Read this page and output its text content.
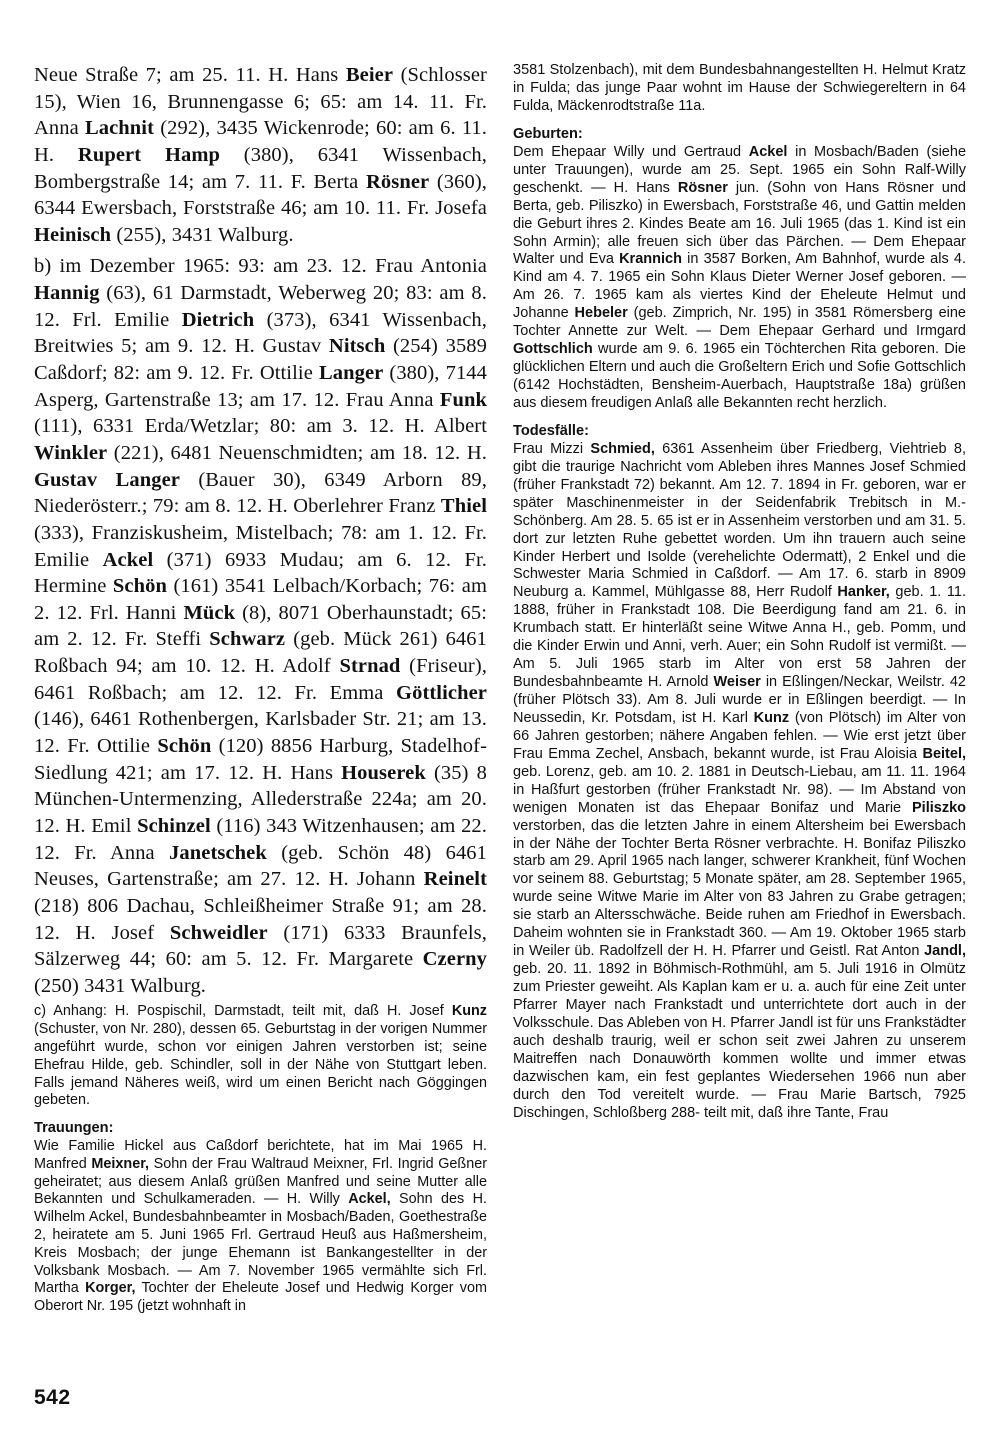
Neue Straße 7; am 25. 11. H. Hans Beier (Schlosser 15), Wien 16, Brunnengasse 6; 65: am 14. 11. Fr. Anna Lachnit (292), 3435 Wickenrode; 60: am 6. 11. H. Rupert Hamp (380), 6341 Wissenbach, Bombergstraße 14; am 7. 11. F. Berta Rösner (360), 6344 Ewersbach, Forststraße 46; am 10. 11. Fr. Josefa Heinisch (255), 3431 Walburg.

b) im Dezember 1965: 93: am 23. 12. Frau Antonia Hannig (63), 61 Darmstadt, Weberweg 20; 83: am 8. 12. Frl. Emilie Dietrich (373), 6341 Wissenbach, Breitwies 5; am 9. 12. H. Gustav Nitsch (254) 3589 Caßdorf; 82: am 9. 12. Fr. Ottilie Langer (380), 7144 Asperg, Gartenstraße 13; am 17. 12. Frau Anna Funk (111), 6331 Erda/Wetzlar; 80: am 3. 12. H. Albert Winkler (221), 6481 Neuenschmidten; am 18. 12. H. Gustav Langer (Bauer 30), 6349 Arborn 89, Niederösterr.; 79: am 8. 12. H. Oberlehrer Franz Thiel (333), Franziskusheim, Mistelbach; 78: am 1. 12. Fr. Emilie Ackel (371) 6933 Mudau; am 6. 12. Fr. Hermine Schön (161) 3541 Lelbach/Korbach; 76: am 2. 12. Frl. Hanni Mück (8), 8071 Oberhaunstadt; 65: am 2. 12. Fr. Steffi Schwarz (geb. Mück 261) 6461 Roßbach 94; am 10. 12. H. Adolf Strnad (Friseur), 6461 Roßbach; am 12. 12. Fr. Emma Göttlicher (146), 6461 Rothenbergen, Karlsbader Str. 21; am 13. 12. Fr. Ottilie Schön (120) 8856 Harburg, Stadelhof-Siedlung 421; am 17. 12. H. Hans Houserek (35) 8 München-Untermenzing, Allederstraße 224a; am 20. 12. H. Emil Schinzel (116) 343 Witzenhausen; am 22. 12. Fr. Anna Janetschek (geb. Schön 48) 6461 Neuses, Gartenstraße; am 27. 12. H. Johann Reinelt (218) 806 Dachau, Schleißheimer Straße 91; am 28. 12. H. Josef Schweidler (171) 6333 Braunfels, Sälzerweg 44; 60: am 5. 12. Fr. Margarete Czerny (250) 3431 Walburg.

c) Anhang: H. Pospischil, Darmstadt, teilt mit, daß H. Josef Kunz (Schuster, von Nr. 280), dessen 65. Geburtstag in der vorigen Nummer angeführt wurde, schon vor einigen Jahren verstorben ist; seine Ehefrau Hilde, geb. Schindler, soll in der Nähe von Stuttgart leben. Falls jemand Näheres weiß, wird um einen Bericht nach Göggingen gebeten.

Trauungen:

Wie Familie Hickel aus Caßdorf berichtete, hat im Mai 1965 H. Manfred Meixner, Sohn der Frau Waltraud Meixner, Frl. Ingrid Geßner geheiratet; aus diesem Anlaß grüßen Manfred und seine Mutter alle Bekannten und Schulkameraden. — H. Willy Ackel, Sohn des H. Wilhelm Ackel, Bundesbahnbeamter in Mosbach/Baden, Goethestraße 2, heiratete am 5. Juni 1965 Frl. Gertraud Heuß aus Haßmersheim, Kreis Mosbach; der junge Ehemann ist Bankangestellter in der Volksbank Mosbach. — Am 7. November 1965 vermählte sich Frl. Martha Korger, Tochter der Eheleute Josef und Hedwig Korger vom Oberort Nr. 195 (jetzt wohnhaft in

3581 Stolzenbach), mit dem Bundesbahnangestellten H. Helmut Kratz in Fulda; das junge Paar wohnt im Hause der Schwiegereltern in 64 Fulda, Mäckenrodtstraße 11a.

Geburten:

Dem Ehepaar Willy und Gertraud Ackel in Mosbach/Baden (siehe unter Trauungen), wurde am 25. Sept. 1965 ein Sohn Ralf-Willy geschenkt. — H. Hans Rösner jun. (Sohn von Hans Rösner und Berta, geb. Piliszko) in Ewersbach, Forststraße 46, und Gattin melden die Geburt ihres 2. Kindes Beate am 16. Juli 1965 (das 1. Kind ist ein Sohn Armin); alle freuen sich über das Pärchen. — Dem Ehepaar Walter und Eva Krannich in 3587 Borken, Am Bahnhof, wurde als 4. Kind am 4. 7. 1965 ein Sohn Klaus Dieter Werner Josef geboren. — Am 26. 7. 1965 kam als viertes Kind der Eheleute Helmut und Johanne Hebeler (geb. Zimprich, Nr. 195) in 3581 Römersberg eine Tochter Annette zur Welt. — Dem Ehepaar Gerhard und Irmgard Gottschlich wurde am 9. 6. 1965 ein Töchterchen Rita geboren. Die glücklichen Eltern und auch die Großeltern Erich und Sofie Gottschlich (6142 Hochstädten, Bensheim-Auerbach, Hauptstraße 18a) grüßen aus diesem freudigen Anlaß alle Bekannten recht herzlich.

Todesfälle:

Frau Mizzi Schmied, 6361 Assenheim über Friedberg, Viehtrieb 8, gibt die traurige Nachricht vom Ableben ihres Mannes Josef Schmied (früher Frankstadt 72) bekannt. Am 12. 7. 1894 in Fr. geboren, war er später Maschinenmeister in der Seidenfabrik Trebitsch in M.-Schönberg. Am 28. 5. 65 ist er in Assenheim verstorben und am 31. 5. dort zur letzten Ruhe gebettet worden. Um ihn trauern auch seine Kinder Herbert und Isolde (verehelichte Odermatt), 2 Enkel und die Schwester Maria Schmied in Caßdorf. — Am 17. 6. starb in 8909 Neuburg a. Kammel, Mühlgasse 88, Herr Rudolf Hanker, geb. 1. 11. 1888, früher in Frankstadt 108. Die Beerdigung fand am 21. 6. in Krumbach statt. Er hinterläßt seine Witwe Anna H., geb. Pomm, und die Kinder Erwin und Anni, verh. Auer; ein Sohn Rudolf ist vermißt. — Am 5. Juli 1965 starb im Alter von erst 58 Jahren der Bundesbahnbeamte H. Arnold Weiser in Eßlingen/Neckar, Weilstr. 42 (früher Plötsch 33). Am 8. Juli wurde er in Eßlingen beerdigt. — In Neussedin, Kr. Potsdam, ist H. Karl Kunz (von Plötsch) im Alter von 66 Jahren gestorben; nähere Angaben fehlen. — Wie erst jetzt über Frau Emma Zechel, Ansbach, bekannt wurde, ist Frau Aloisia Beitel, geb. Lorenz, geb. am 10. 2. 1881 in Deutsch-Liebau, am 11. 11. 1964 in Haßfurt gestorben (früher Frankstadt Nr. 98). — Im Abstand von wenigen Monaten ist das Ehepaar Bonifaz und Marie Piliszko verstorben, das die letzten Jahre in einem Altersheim bei Ewersbach in der Nähe der Tochter Berta Rösner verbrachte. H. Bonifaz Piliszko starb am 29. April 1965 nach langer, schwerer Krankheit, fünf Wochen vor seinem 88. Geburtstag; 5 Monate später, am 28. September 1965, wurde seine Witwe Marie im Alter von 83 Jahren zu Grabe getragen; sie starb an Altersschwäche. Beide ruhen am Friedhof in Ewersbach. Daheim wohnten sie in Frankstadt 360. — Am 19. Oktober 1965 starb in Weiler üb. Radolfzell der H. H. Pfarrer und Geistl. Rat Anton Jandl, geb. 20. 11. 1892 in Böhmisch-Rothmühl, am 5. Juli 1916 in Olmütz zum Priester geweiht. Als Kaplan kam er u. a. auch für eine Zeit unter Pfarrer Mayer nach Frankstadt und unterrichtete dort auch in der Volksschule. Das Ableben von H. Pfarrer Jandl ist für uns Frankstädter auch deshalb traurig, weil er schon seit zwei Jahren zu unserem Maitreffen nach Donauwörth kommen wollte und immer etwas dazwischen kam, ein fest geplantes Wiedersehen 1966 nun aber durch den Tod vereitelt wurde. — Frau Marie Bartsch, 7925 Dischingen, Schloßberg 288- teilt mit, daß ihre Tante, Frau

542
